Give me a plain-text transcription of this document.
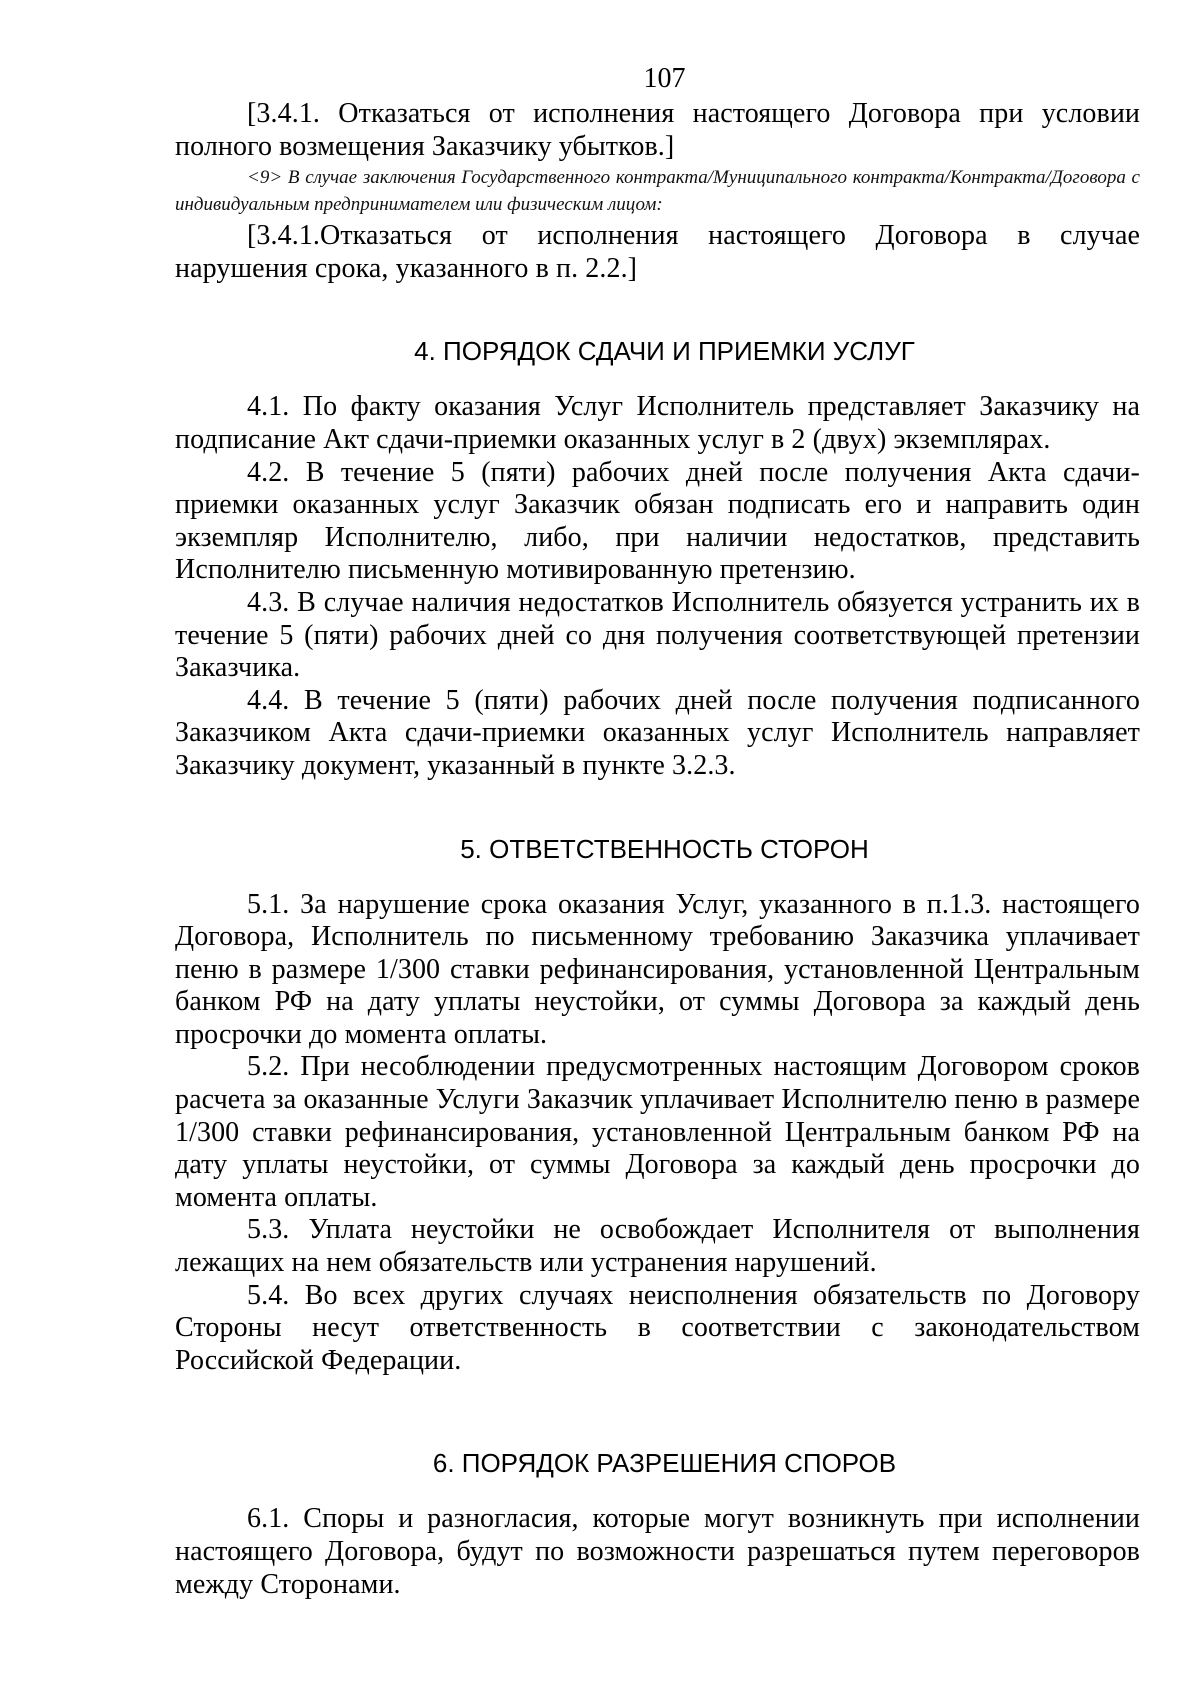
107

[3.4.1. Отказаться от исполнения настоящего Договора при условии полного возмещения Заказчику убытков.]

<9> В случае заключения Государственного контракта/Муниципального контракта/Контракта/Договора с индивидуальным предпринимателем или физическим лицом:

[3.4.1.Отказаться от исполнения настоящего Договора в случае нарушения срока, указанного в п. 2.2.]

4. ПОРЯДОК СДАЧИ И ПРИЕМКИ УСЛУГ

4.1. По факту оказания Услуг Исполнитель представляет Заказчику на подписание Акт сдачи-приемки оказанных услуг в 2 (двух) экземплярах.

4.2. В течение 5 (пяти) рабочих дней после получения Акта сдачи-приемки оказанных услуг Заказчик обязан подписать его и направить один экземпляр Исполнителю, либо, при наличии недостатков, представить Исполнителю письменную мотивированную претензию.

4.3. В случае наличия недостатков Исполнитель обязуется устранить их в течение 5 (пяти) рабочих дней со дня получения соответствующей претензии Заказчика.

4.4. В течение 5 (пяти) рабочих дней после получения подписанного Заказчиком Акта сдачи-приемки оказанных услуг Исполнитель направляет Заказчику документ, указанный в пункте 3.2.3.

5. ОТВЕТСТВЕННОСТЬ СТОРОН

5.1. За нарушение срока оказания Услуг, указанного в п.1.3. настоящего Договора, Исполнитель по письменному требованию Заказчика уплачивает пеню в размере 1/300 ставки рефинансирования, установленной Центральным банком РФ на дату уплаты неустойки, от суммы Договора за каждый день просрочки до момента оплаты.

5.2. При несоблюдении предусмотренных настоящим Договором сроков расчета за оказанные Услуги Заказчик уплачивает Исполнителю пеню в размере 1/300 ставки рефинансирования, установленной Центральным банком РФ на дату уплаты неустойки, от суммы Договора за каждый день просрочки до момента оплаты.

5.3. Уплата неустойки не освобождает Исполнителя от выполнения лежащих на нем обязательств или устранения нарушений.

5.4. Во всех других случаях неисполнения обязательств по Договору Стороны несут ответственность в соответствии с законодательством Российской Федерации.

6. ПОРЯДОК РАЗРЕШЕНИЯ СПОРОВ

6.1. Споры и разногласия, которые могут возникнуть при исполнении настоящего Договора, будут по возможности разрешаться путем переговоров между Сторонами.
